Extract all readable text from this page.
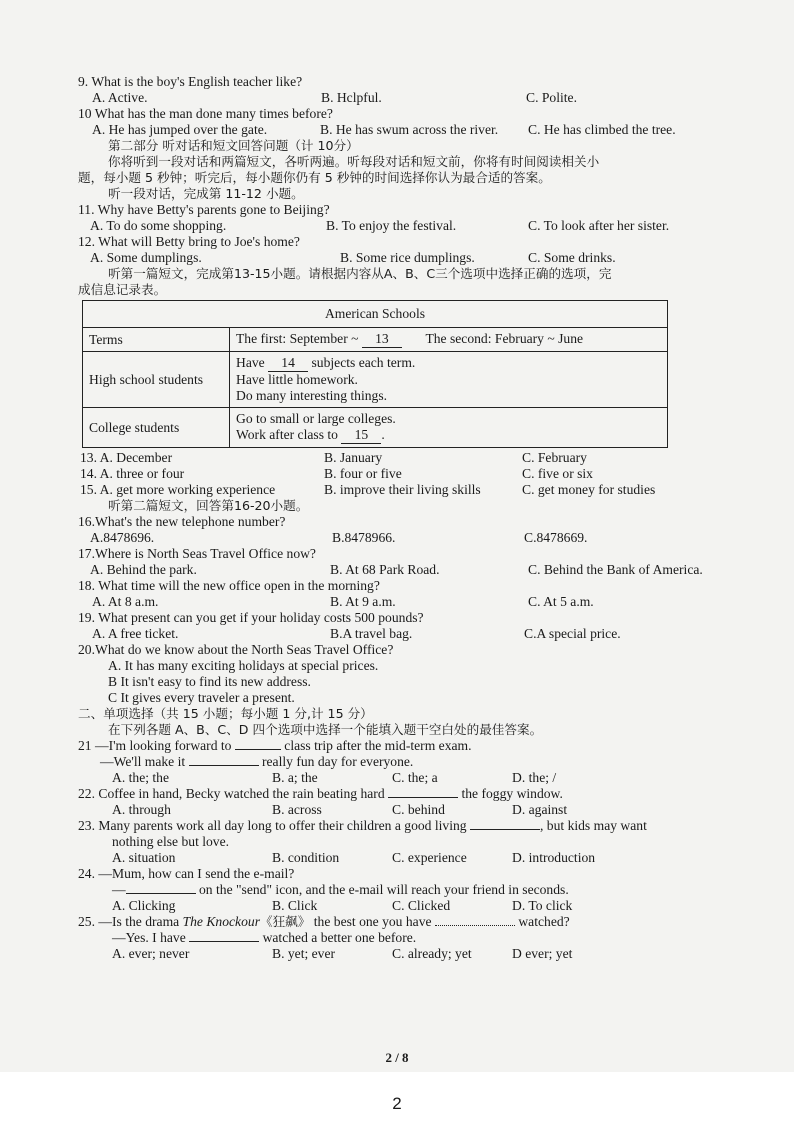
9. What is the boy's English teacher like?
A. Active.	B. Hclpful.	C. Polite.
10 What has the man done many times before?
A. He has jumped over the gate.	B. He has swum across the river. C. He has climbed the tree.
第二部分 听对话和短文回答问题（计 10分）
你将听到一段对话和两篇短文，各听两遍。听每段对话和短文前，你将有时间阅读相关小
题，每小题 5 秒钟；听完后，每小题你仍有 5 秒钟的时间选择你认为最合适的答案。
听一段对话，完成第 11-12 小题。
11. Why have Betty's parents gone to Beijing?
A. To do some shopping.	B. To enjoy the festival.	C. To look after her sister.
12. What will Betty bring to Joe's home?
A. Some dumplings.	B. Some rice dumplings.	C. Some drinks.
听第一篇短文，完成第13-15小题。请根据内容从A、B、C三个选项中选择正确的选项，完
成信息记录表。
American Schools	
Terms	The first: September ~ 13 The second: February ~ June
High school students	Have 14 subjects each term.
Have little homework.
Do many interesting things.

College students	Go to small or large colleges.
Work after class to 15 .
13. A. December	B. January	C. February
14. A. three or four	B. four or five	C. five or six
15. A. get more working experience	B. improve their living skills	C. get money for studies
听第二篇短文，回答第16-20小题。
16.What's the new telephone number?
A.8478696.	B.8478966.	C.8478669.
17.Where is North Seas Travel Office now?
A. Behind the park.	B. At 68 Park Road.	C. Behind the Bank of America.
18. What time will the new office open in the morning?
A. At 8 a.m.	B. At 9 a.m.	C. At 5 a.m.
19. What present can you get if your holiday costs 500 pounds?
A. A free ticket.	B.A travel bag.	C.A special price.
20.What do we know about the North Seas Travel Office?
A. It has many exciting holidays at special prices.
B It isn't easy to find its new address.
C It gives every traveler a present.
二、单项选择（共 15 小题；每小题 1 分,计 15 分）
在下列各题 A、B、C、D 四个选项中选择一个能填入题干空白处的最佳答案。
21 —I'm looking forward to	class trip after the mid-term exam.
—We'll make it	really fun day for everyone.
A. the; the	B. a; the	C. the; a	D. the; /
22. Coffee in hand, Becky watched the rain beating hard	the foggy window.
A. through	B. across	C. behind	D. against
23. Many parents work all day long to offer their children a good living	, but kids may want
nothing else but love.
A. situation	B. condition	C. experience	D. introduction
24. —Mum, how can I send the e-mail?
—	on the "send" icon, and the e-mail will reach your friend in seconds.
A. Clicking	B. Click	C. Clicked	D. To click
25. —Is the drama The Knockour《狂飙》 the best one you have	watched?
—Yes. I have	watched a better one before.
A. ever; never	B. yet; ever	C. already; yet	D ever; yet
2 / 8
2
